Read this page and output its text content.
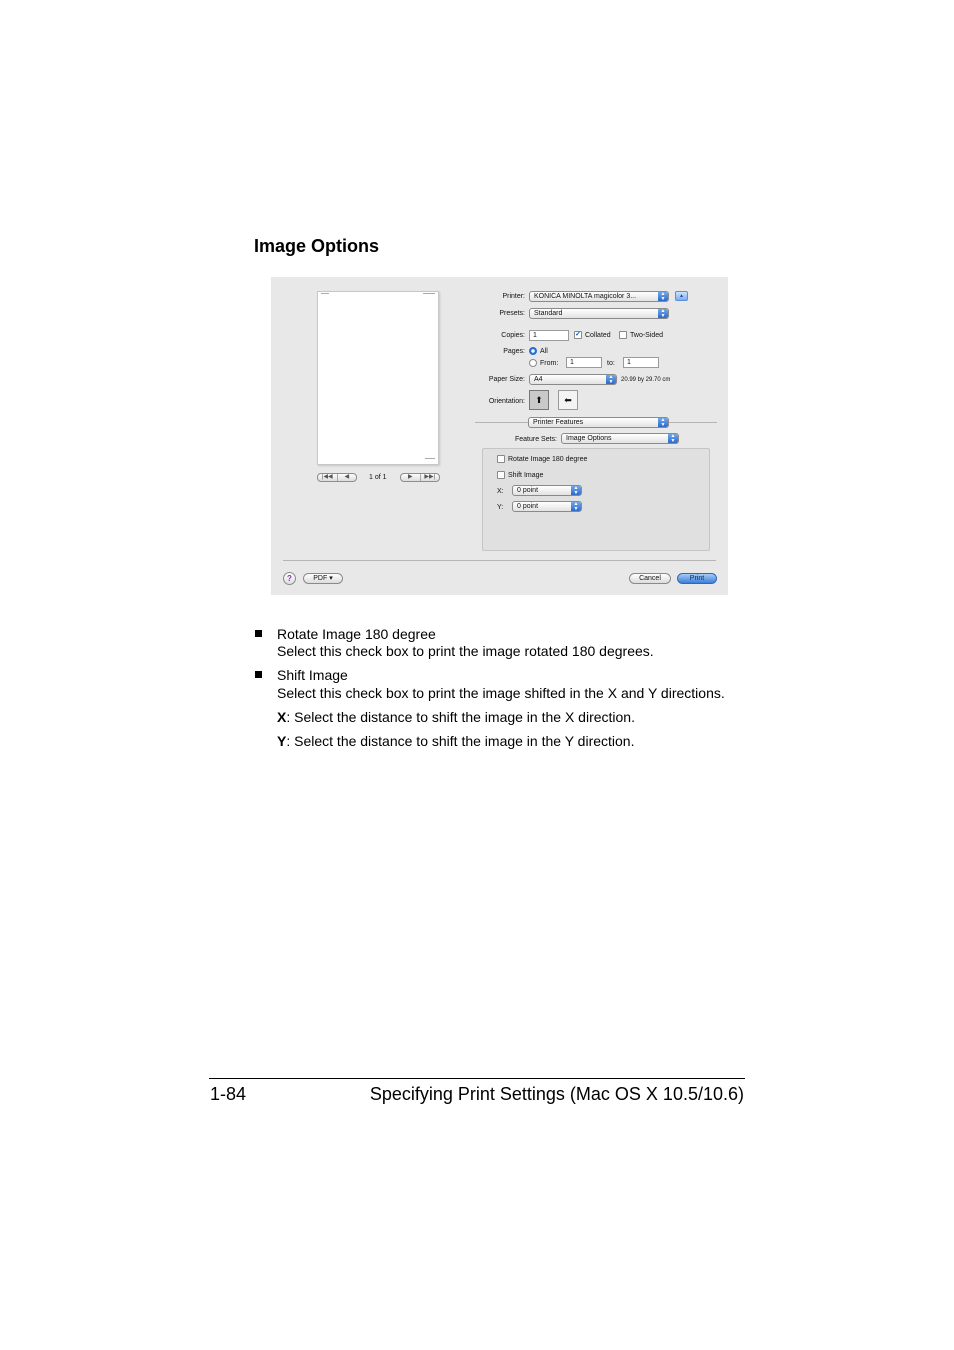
Image Options
|◀◀	◀	1 of 1	▶	▶▶|
Printer:	KONICA MINOLTA magicolor 3...	▲
▼	▲
Presets:	Standard	▲
▼
Copies:	1	✓ Collated	Two-Sided
Pages: All
From:	1	to:	1
Paper Size:	A4	▲
▼	20.99 by 29.70 cm
Orientation:	⬆	⬅
Printer Features	▲
▼
Feature Sets:	Image Options	▲
▼
Rotate Image 180 degree
Shift Image
X:	0 point	▲
▼
Y:	0 point	▲
▼
?	PDF ▾	Cancel	Print
Rotate Image 180 degree
Select this check box to print the image rotated 180 degrees.
Shift Image
Select this check box to print the image shifted in the X and Y directions.
X: Select the distance to shift the image in the X direction.
Y: Select the distance to shift the image in the Y direction.
1-84	Specifying Print Settings (Mac OS X 10.5/10.6)
